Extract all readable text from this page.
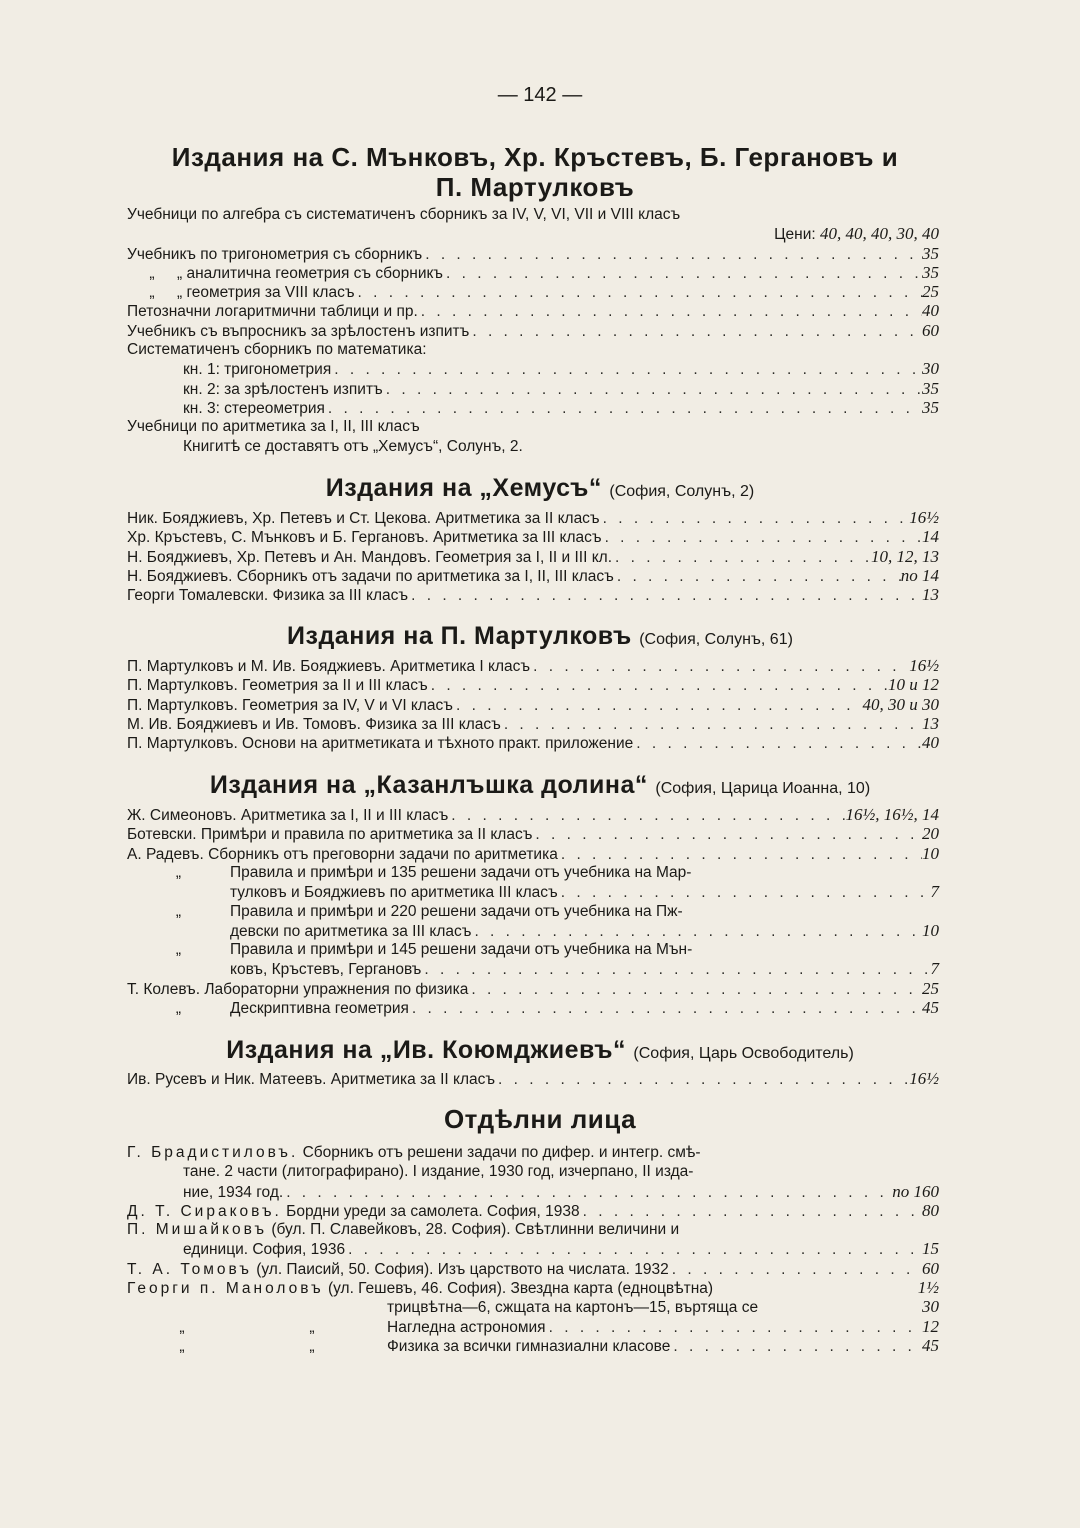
— 142 —
Издания на С. Мънковъ, Хр. Кръстевъ, Б. Гергановъ и
П. Мартулковъ
Учебници по алгебра съ систематиченъ сборникъ за IV, V, VI, VII и VIII класъ
Цени: 40, 40, 40, 30, 40
Учебникъ по тригонометрия съ сборникъ . . .	35
„ „ аналитична геометрия съ сборникъ . . .	35
„ „ геометрия за VIII класъ . . .	25
Петозначни логаритмични таблици и пр. . . .	40
Учебникъ съ въпросникъ за зрѣлостенъ изпитъ . . .	60
Систематиченъ сборникъ по математика:
кн. 1: тригонометрия . . .	30
кн. 2: за зрѣлостенъ изпитъ . . .	35
кн. 3: стереометрия . . .	35
Учебници по аритметика за I, II, III класъ
Книгитѣ се доставятъ отъ „Хемусъ“, Солунъ, 2.
Издания на „Хемусъ“ (София, Солунъ, 2)
Ник. Бояджиевъ, Хр. Петевъ и Ст. Цекова. Аритметика за II класъ . . .	16½
Хр. Кръстевъ, С. Мънковъ и Б. Гергановъ. Аритметика за III класъ . . .	14
Н. Бояджиевъ, Хр. Петевъ и Ан. Мандовъ. Геометрия за I, II и III кл. . . .	10, 12, 13
Н. Бояджиевъ. Сборникъ отъ задачи по аритметика за I, II, III класъ . . .	по 14
Георги Томалевски. Физика за III класъ . . .	13
Издания на П. Мартулковъ (София, Солунъ, 61)
П. Мартулковъ и М. Ив. Бояджиевъ. Аритметика I класъ . . .	16½
П. Мартулковъ. Геометрия за II и III класъ . . .	10 и 12
П. Мартулковъ. Геометрия за IV, V и VI класъ . . .	40, 30 и 30
М. Ив. Бояджиевъ и Ив. Томовъ. Физика за III класъ . . .	13
П. Мартулковъ. Основи на аритметиката и тѣхното практ. приложение . . .	40
Издания на „Казанлъшка долина“ (София, Царица Иоанна, 10)
Ж. Симеоновъ. Аритметика за I, II и III класъ . . .	16½, 16½, 14
Ботевски. Примѣри и правила по аритметика за II класъ . . .	20
А. Радевъ. Сборникъ отъ преговорни задачи по аритметика . . .	10
„	Правила и примѣри и 135 решени задачи отъ учебника на Мар-
тулковъ и Бояджиевъ по аритметика III класъ . . .	7
„	Правила и примѣри и 220 решени задачи отъ учебника на Пж-
девски по аритметика за III класъ . . .	10
„	Правила и примѣри и 145 решени задачи отъ учебника на Мън-
ковъ, Кръстевъ, Гергановъ . . .	7
Т. Колевъ. Лабораторни упражнения по физика . . .	25
„	Дескриптивна геометрия . . .	45
Издания на „Ив. Коюмджиевъ“ (София, Царь Освободитель)
Ив. Русевъ и Ник. Матеевъ. Аритметика за II класъ . . .	16½
Отдѣлни лица
Г. Брадистиловъ. Сборникъ отъ решени задачи по дифер. и интегр. смѣ-
тане. 2 части (литографирано). I издание, 1930 год, изчерпано, II изда-
ние, 1934 год. . . .	по 160
Д. Т. Сираковъ. Бордни уреди за самолета. София, 1938 . . .	80
П. Мишайковъ (бул. П. Славейковъ, 28. София). Свѣтлинни величини и
единици. София, 1936 . . .	15
Т. А. Томовъ (ул. Паисий, 50. София). Изъ царството на числата. 1932 . . .	60
Георги п. Маноловъ (ул. Гешевъ, 46. София). Звездна карта (едноцвѣтна)	1½
трицвѣтна—6, сжщата на картонъ—15, въртяща се	30
„	„	Нагледна астрономия . . .	12
„	„	Физика за всички гимназиални класове . . .	45
